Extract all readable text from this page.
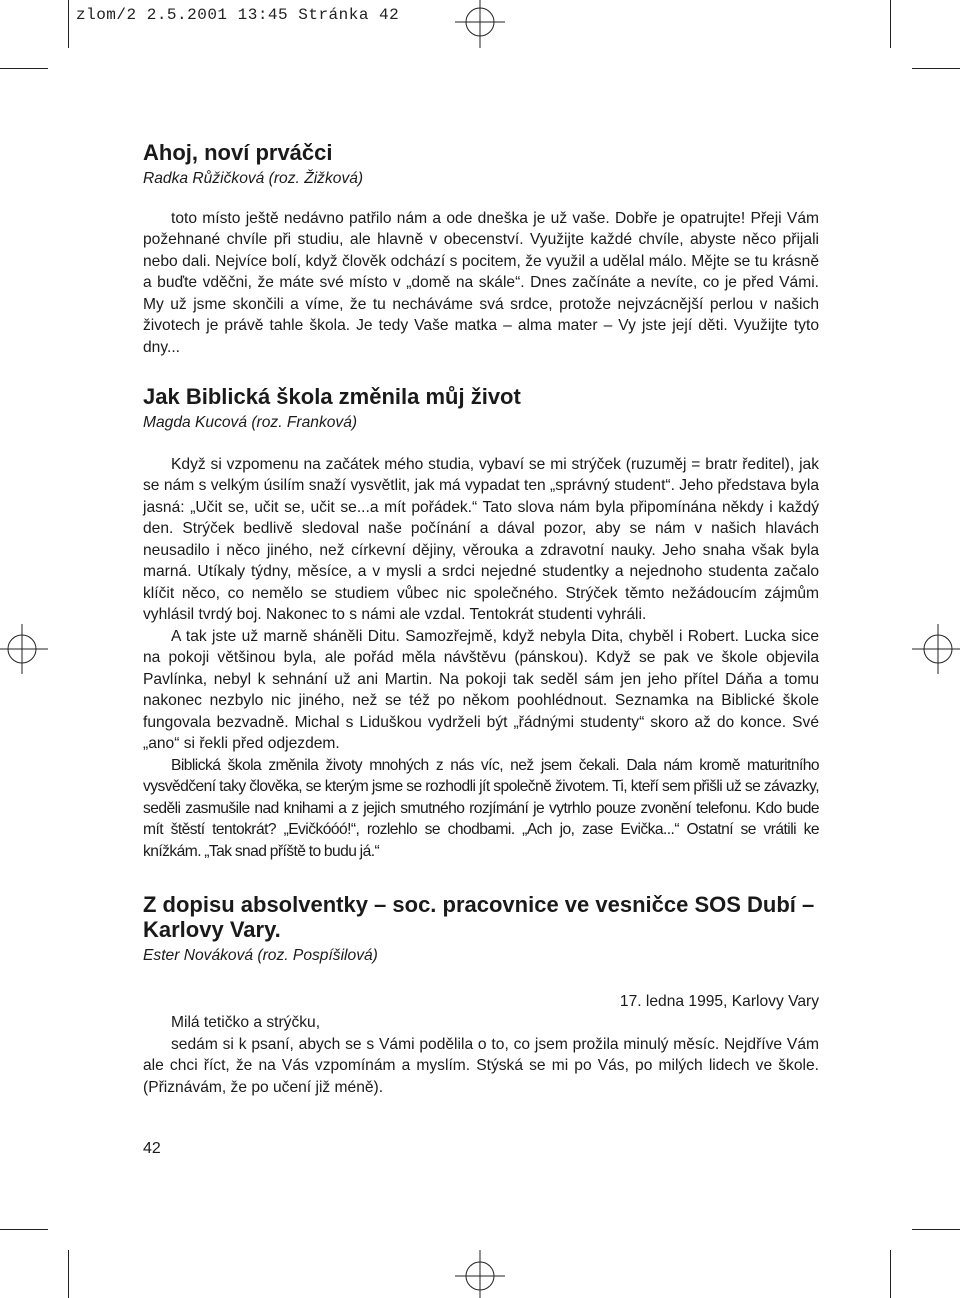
zlom/2 2.5.2001 13:45 Stránka 42
Ahoj, noví prváčci
Radka Růžičková (roz. Žižková)

toto místo ještě nedávno patřilo nám a ode dneška je už vaše. Dobře je opatrujte! Přeji Vám požehnané chvíle při studiu, ale hlavně v obecenství. Využijte každé chvíle, abyste něco přijali nebo dali. Nejvíce bolí, když člověk odchází s pocitem, že využil a udělal málo. Mějte se tu krásně a buďte vděčni, že máte své místo v „domě na skále“. Dnes začínáte a nevíte, co je před Vámi. My už jsme skončili a víme, že tu necháváme svá srdce, protože nejvzácnější perlou v našich životech je právě tahle škola. Je tedy Vaše matka – alma mater – Vy jste její děti. Využijte tyto dny...

Jak Biblická škola změnila můj život
Magda Kucová (roz. Franková)

Když si vzpomenu na začátek mého studia, vybaví se mi strýček (ruzuměj = bratr ředitel), jak se nám s velkým úsilím snaží vysvětlit, jak má vypadat ten „správný student“. Jeho představa byla jasná: „Učit se, učit se, učit se...a mít pořádek.“ Tato slova nám byla připomínána někdy i každý den. Strýček bedlivě sledoval naše počínání a dával pozor, aby se nám v našich hlavách neusadilo i něco jiného, než církevní dějiny, věrouka a zdravotní nauky. Jeho snaha však byla marná. Utíkaly týdny, měsíce, a v mysli a srdci nejedné studentky a nejednoho studenta začalo klíčit něco, co nemělo se studiem vůbec nic společného. Strýček těmto nežádoucím zájmům vyhlásil tvrdý boj. Nakonec to s námi ale vzdal. Tentokrát studenti vyhráli.

A tak jste už marně sháněli Ditu. Samozřejmě, když nebyla Dita, chyběl i Robert. Lucka sice na pokoji většinou byla, ale pořád měla návštěvu (pánskou). Když se pak ve škole objevila Pavlínka, nebyl k sehnání už ani Martin. Na pokoji tak seděl sám jen jeho přítel Dáňa a tomu nakonec nezbylo nic jiného, než se též po někom poohlédnout. Seznamka na Biblické škole fungovala bezvadně. Michal s Liduškou vydrželi být „řádnými studenty“ skoro až do konce. Své „ano“ si řekli před odjezdem.

Biblická škola změnila životy mnohých z nás víc, než jsem čekali. Dala nám kromě maturitního vysvědčení taky člověka, se kterým jsme se rozhodli jít společně životem. Ti, kteří sem přišli už se závazky, seděli zasmušile nad knihami a z jejich smutného rozjímání je vytrhlo pouze zvonění telefonu. Kdo bude mít štěstí tentokrát? „Evičkóóó!“, rozlehlo se chodbami. „Ach jo, zase Evička...“ Ostatní se vrátili ke knížkám. „Tak snad příště to budu já.“

Z dopisu absolventky – soc. pracovnice ve vesničce SOS Dubí – Karlovy Vary.
Ester Nováková (roz. Pospíšilová)
17. ledna 1995, Karlovy Vary

Milá tetičko a strýčku,

sedám si k psaní, abych se s Vámi podělila o to, co jsem prožila minulý měsíc. Nejdříve Vám ale chci říct, že na Vás vzpomínám a myslím. Stýská se mi po Vás, po milých lidech ve škole. (Přiznávám, že po učení již méně).

42
